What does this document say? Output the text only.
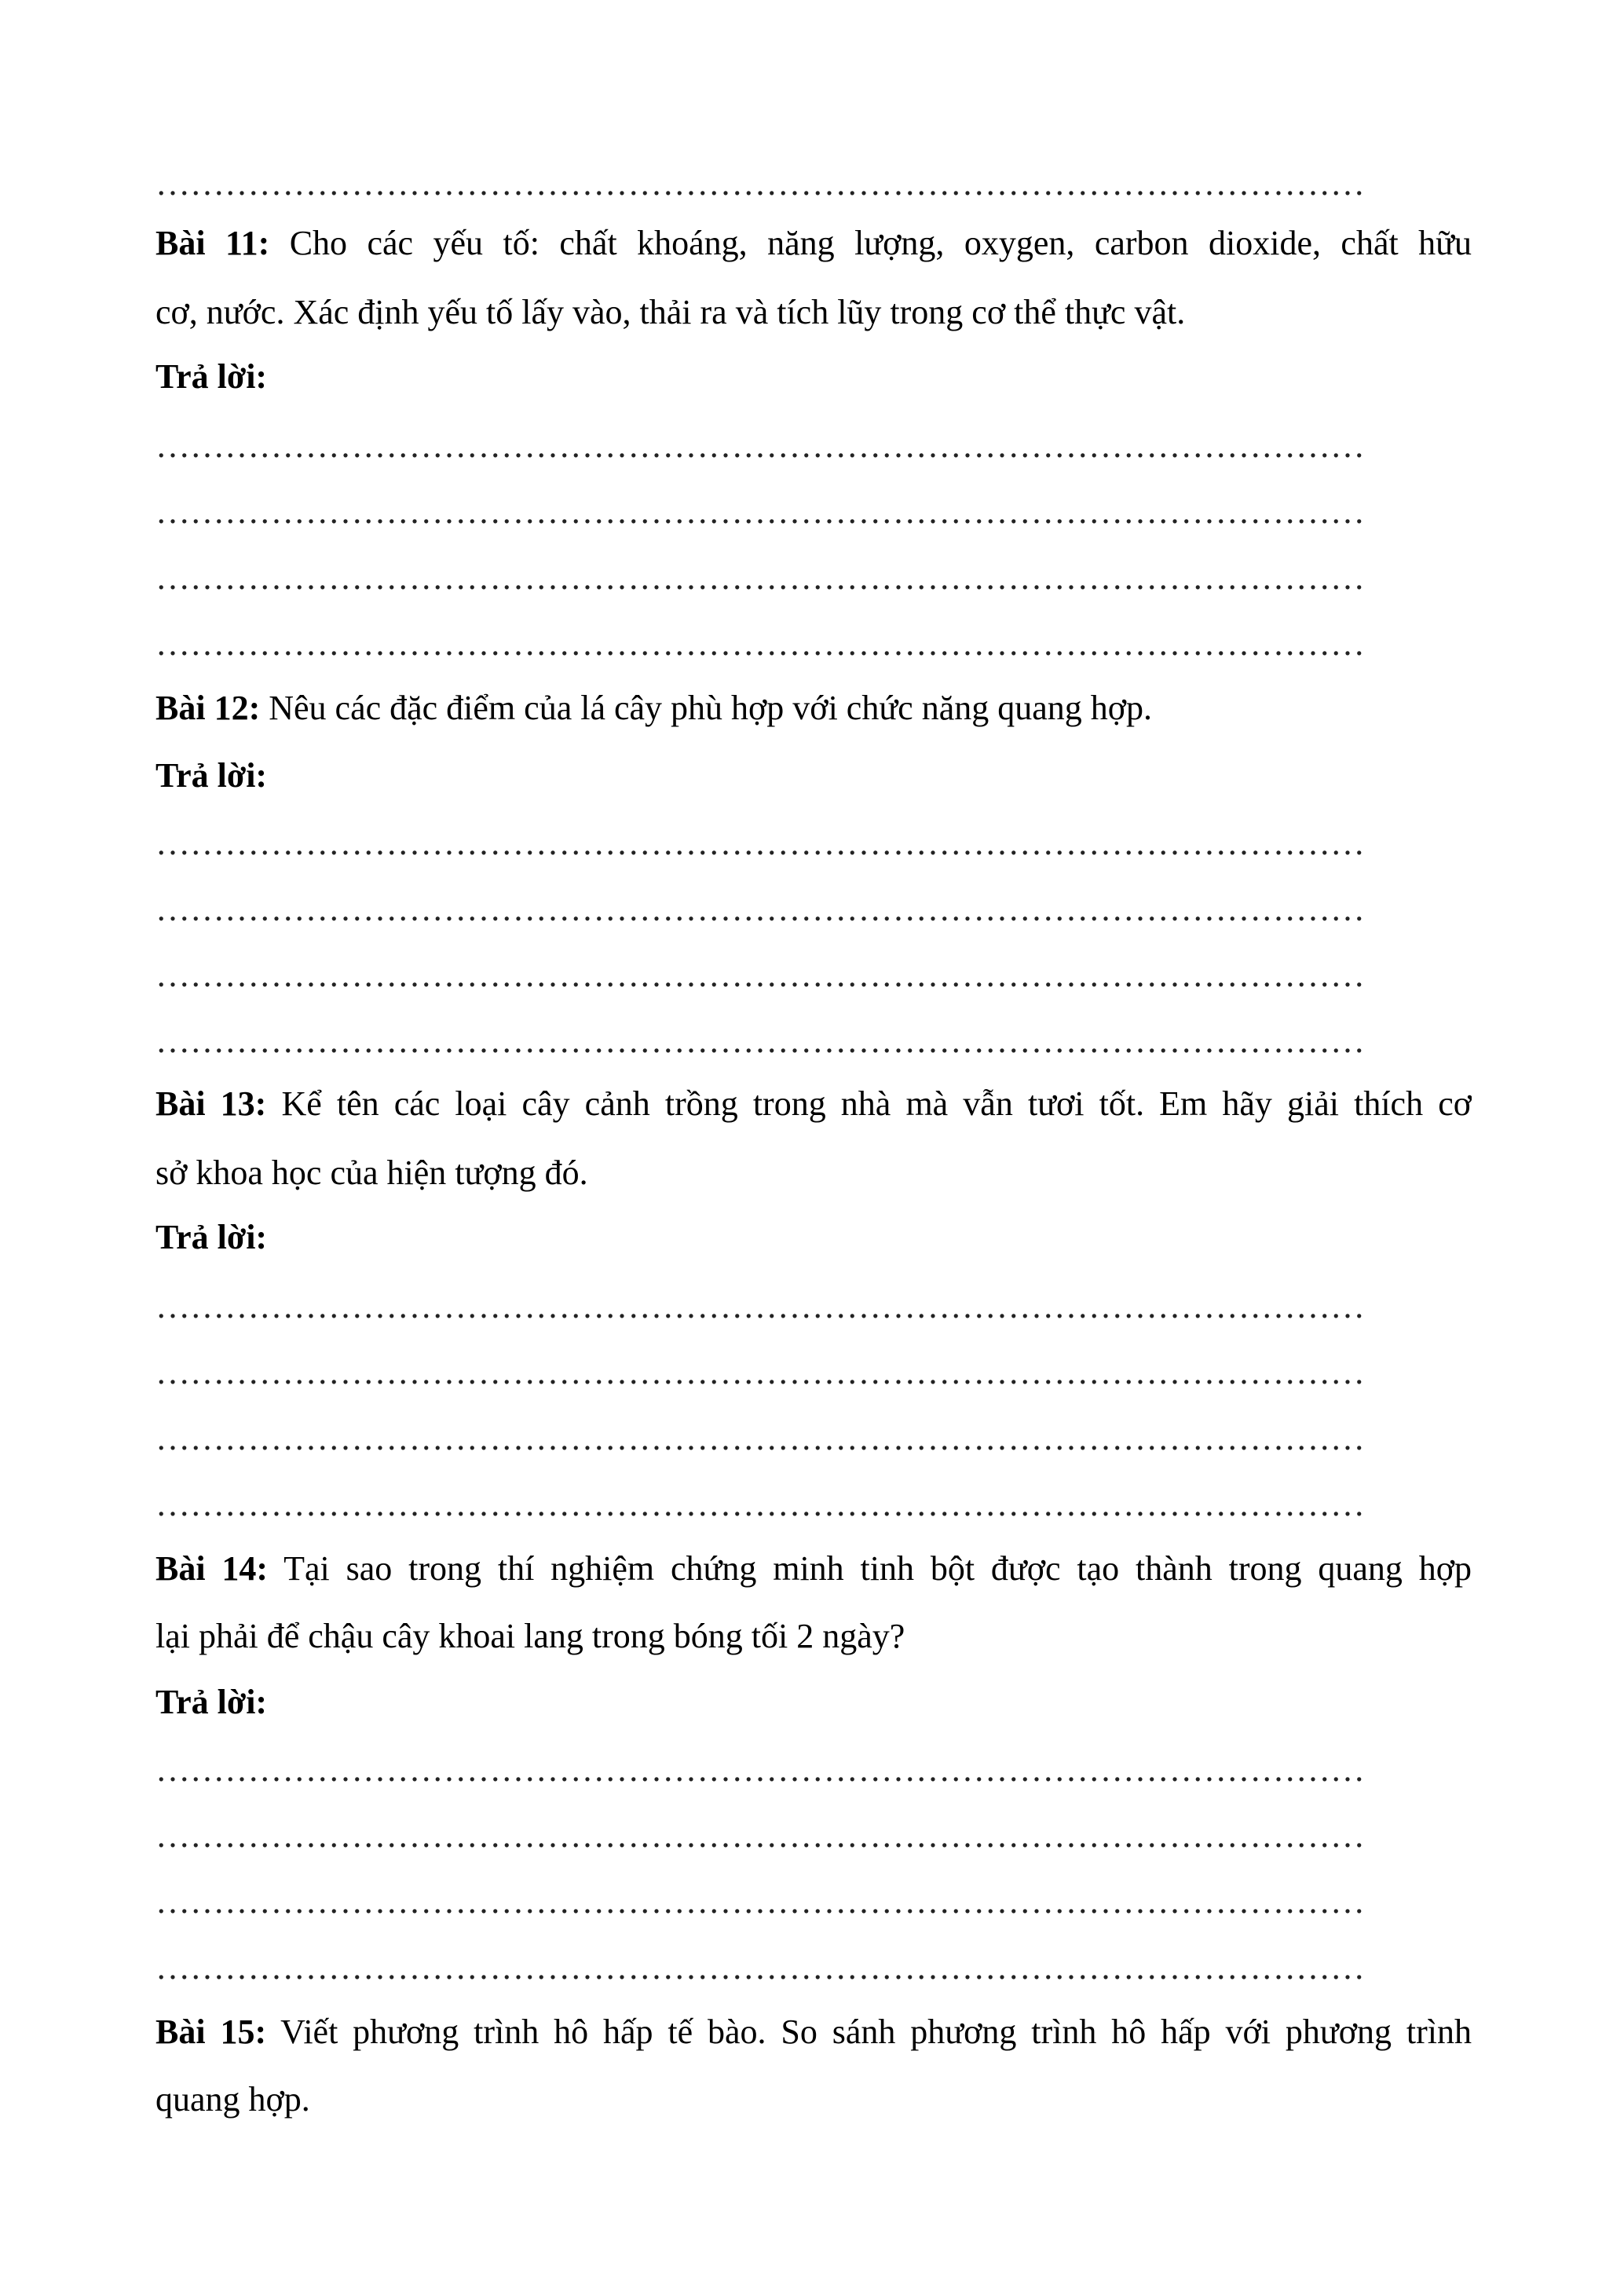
……………………………………………………………………………………………
Bài 11: Cho các yếu tố: chất khoáng, năng lượng, oxygen, carbon dioxide, chất hữu
cơ, nước. Xác định yếu tố lấy vào, thải ra và tích lũy trong cơ thể thực vật.
Trả lời:
……………………………………………………………………………………………
……………………………………………………………………………………………
……………………………………………………………………………………………
……………………………………………………………………………………………
Bài 12: Nêu các đặc điểm của lá cây phù hợp với chức năng quang hợp.
Trả lời:
……………………………………………………………………………………………
……………………………………………………………………………………………
……………………………………………………………………………………………
……………………………………………………………………………………………
Bài 13: Kể tên các loại cây cảnh trồng trong nhà mà vẫn tươi tốt. Em hãy giải thích cơ
sở khoa học của hiện tượng đó.
Trả lời:
……………………………………………………………………………………………
……………………………………………………………………………………………
……………………………………………………………………………………………
……………………………………………………………………………………………
Bài 14: Tại sao trong thí nghiệm chứng minh tinh bột được tạo thành trong quang hợp
lại phải để chậu cây khoai lang trong bóng tối 2 ngày?
Trả lời:
……………………………………………………………………………………………
……………………………………………………………………………………………
……………………………………………………………………………………………
……………………………………………………………………………………………
Bài 15: Viết phương trình hô hấp tế bào. So sánh phương trình hô hấp với phương trình
quang hợp.
